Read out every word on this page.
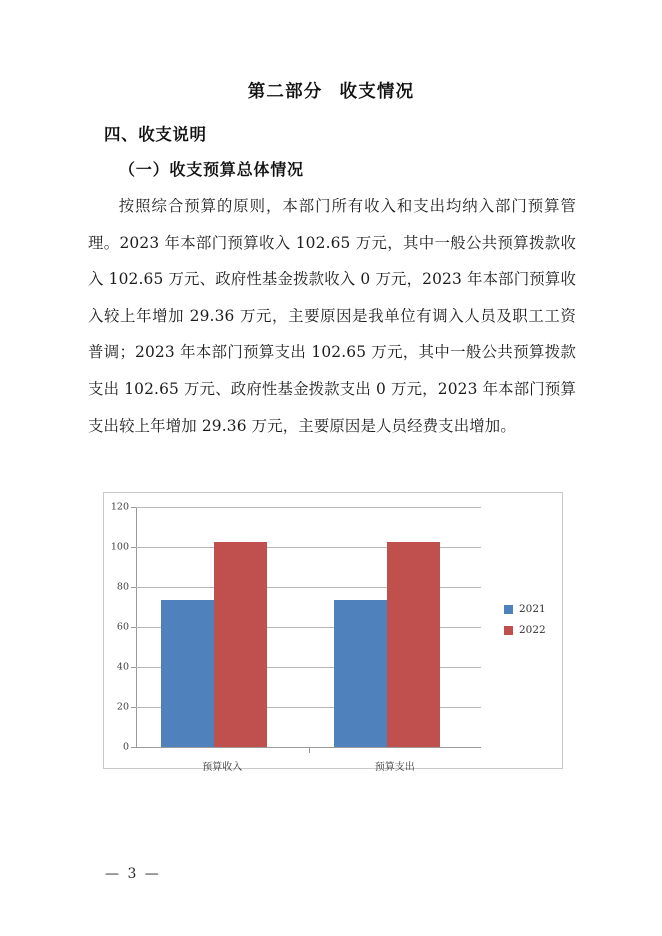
第二部分 收支情况
四、收支说明
（一）收支预算总体情况
按照综合预算的原则，本部门所有收入和支出均纳入部门预算管理。2023 年本部门预算收入 102.65 万元，其中一般公共预算拨款收入 102.65 万元、政府性基金拨款收入 0 万元，2023 年本部门预算收入较上年增加 29.36 万元，主要原因是我单位有调入人员及职工工资普调；2023 年本部门预算支出 102.65 万元，其中一般公共预算拨款支出 102.65 万元、政府性基金拨款支出 0 万元，2023 年本部门预算支出较上年增加 29.36 万元，主要原因是人员经费支出增加。
0
20
40
60
80
100
120
预算收入	预算支出
2021
2022
— 3 —
